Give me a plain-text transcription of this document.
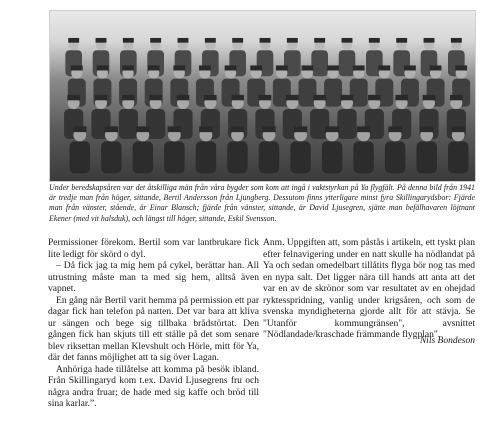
Under beredskapsåren var det åtskilliga män från våra bygder som kom att ingå i vaktstyrkan på Ya flygfält. På denna bild från 1941 är tredje man från höger, sittande, Bertil Andersson från Ljungberg. Dessutom finns ytterligare minst fyra Skillingarydsbor: Fjärde man från vänster, stående, är Einar Blansch; fjärde från vänster, sittande, är David Ljusegren, sjätte man befälhavaren löjtnant Ekener (med vit halsduk), och längst till höger, sittande, Eskil Svensson.

Permissioner förekom. Bertil som var lantbrukare fick lite ledigt för skörd o dyl.

– Då fick jag ta mig hem på cykel, berättar han. All utrustning måste man ta med sig hem, alltså även vapnet.

En gång när Bertil varit hemma på permission ett par dagar fick han telefon på natten. Det var bara att kliva ur sängen och bege sig tillbaka brådstörtat. Den gången fick han skjuts till ett ställe på det som senare blev riksettan mellan Klevshult och Hörle, mitt för Ya, där det fanns möjlighet att ta sig över Lagan.

Anhöriga hade tillåtelse att komma på besök ibland. Från Skillingaryd kom t.ex. David Ljusegrens fru och några andra fruar; de hade med sig kaffe och bröd till sina karlar.”.

Anm. Uppgiften att, som påstås i artikeln, ett tyskt plan efter felnavigering under en natt skulle ha nödlandat på Ya och sedan omedelbart tillåtits flyga bör nog tas med en nypa salt. Det ligger nära till hands att anta att det var en av de skrönor som var resultatet av en ohejdad ryktesspridning, vanlig under krigsåren, och som de svenska myndigheterna gjorde allt för att stävja. Se "Utanför kommungränsen", avsnittet "Nödlandade/kraschade främmande flygplan".

Nils Bondeson
